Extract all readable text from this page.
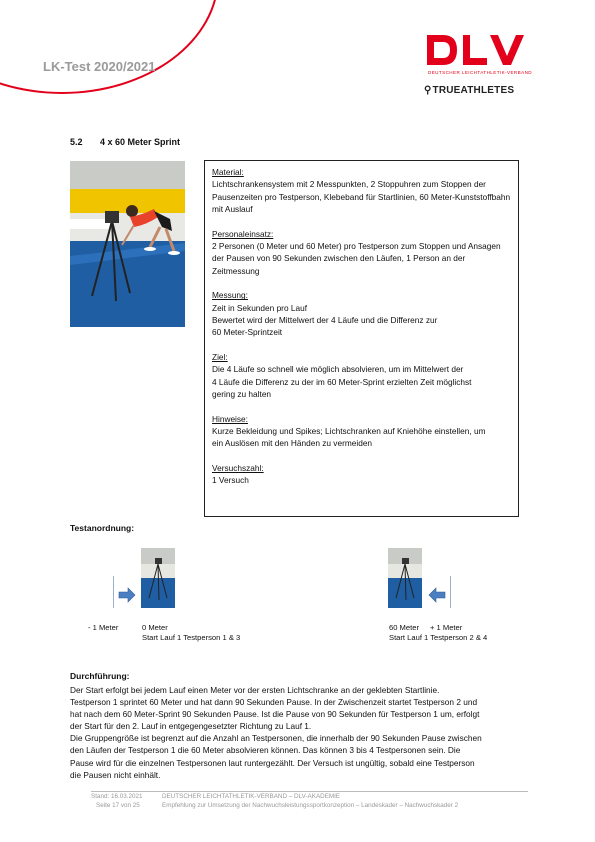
LK-Test 2020/2021	DEUTSCHER LEICHTATHLETIK-VERBAND
⚲TRUEATHLETES
5.2 4 x 60 Meter Sprint
Material:
Lichtschrankensystem mit 2 Messpunkten, 2 Stoppuhren zum Stoppen der Pausenzeiten pro Testperson, Klebeband für Startlinien, 60 Meter-Kunststoffbahn mit Auslauf
Personaleinsatz:
2 Personen (0 Meter und 60 Meter) pro Testperson zum Stoppen und Ansagen der Pausen von 90 Sekunden zwischen den Läufen, 1 Person an der Zeitmessung
Messung:
Zeit in Sekunden pro Lauf
Bewertet wird der Mittelwert der 4 Läufe und die Differenz zur
60 Meter-Sprintzeit
Ziel:
Die 4 Läufe so schnell wie möglich absolvieren, um im Mittelwert der
4 Läufe die Differenz zu der im 60 Meter-Sprint erzielten Zeit möglichst
gering zu halten
Hinweise:
Kurze Bekleidung und Spikes; Lichtschranken auf Kniehöhe einstellen, um
ein Auslösen mit den Händen zu vermeiden
Versuchszahl:
1 Versuch
Testanordnung:
- 1 Meter	0 Meter
Start Lauf 1 Testperson 1 & 3
60 Meter + 1 Meter
Start Lauf 1 Testperson 2 & 4
Durchführung:
Der Start erfolgt bei jedem Lauf einen Meter vor der ersten Lichtschranke an der geklebten Startlinie.
Testperson 1 sprintet 60 Meter und hat dann 90 Sekunden Pause. In der Zwischenzeit startet Testperson 2 und
hat nach dem 60 Meter-Sprint 90 Sekunden Pause. Ist die Pause von 90 Sekunden für Testperson 1 um, erfolgt
der Start für den 2. Lauf in entgegengesetzter Richtung zu Lauf 1.
Die Gruppengröße ist begrenzt auf die Anzahl an Testpersonen, die innerhalb der 90 Sekunden Pause zwischen
den Läufen der Testperson 1 die 60 Meter absolvieren können. Das können 3 bis 4 Testpersonen sein. Die
Pause wird für die einzelnen Testpersonen laut runtergezählt. Der Versuch ist ungültig, sobald eine Testperson
die Pausen nicht einhält.
Stand: 16.03.2021
Seite 17 von 25
DEUTSCHER LEICHTATHLETIK-VERBAND – DLV-AKADEMIE
Empfehlung zur Umsetzung der Nachwuchsleistungssportkonzeption – Landeskader – Nachwuchskader 2
